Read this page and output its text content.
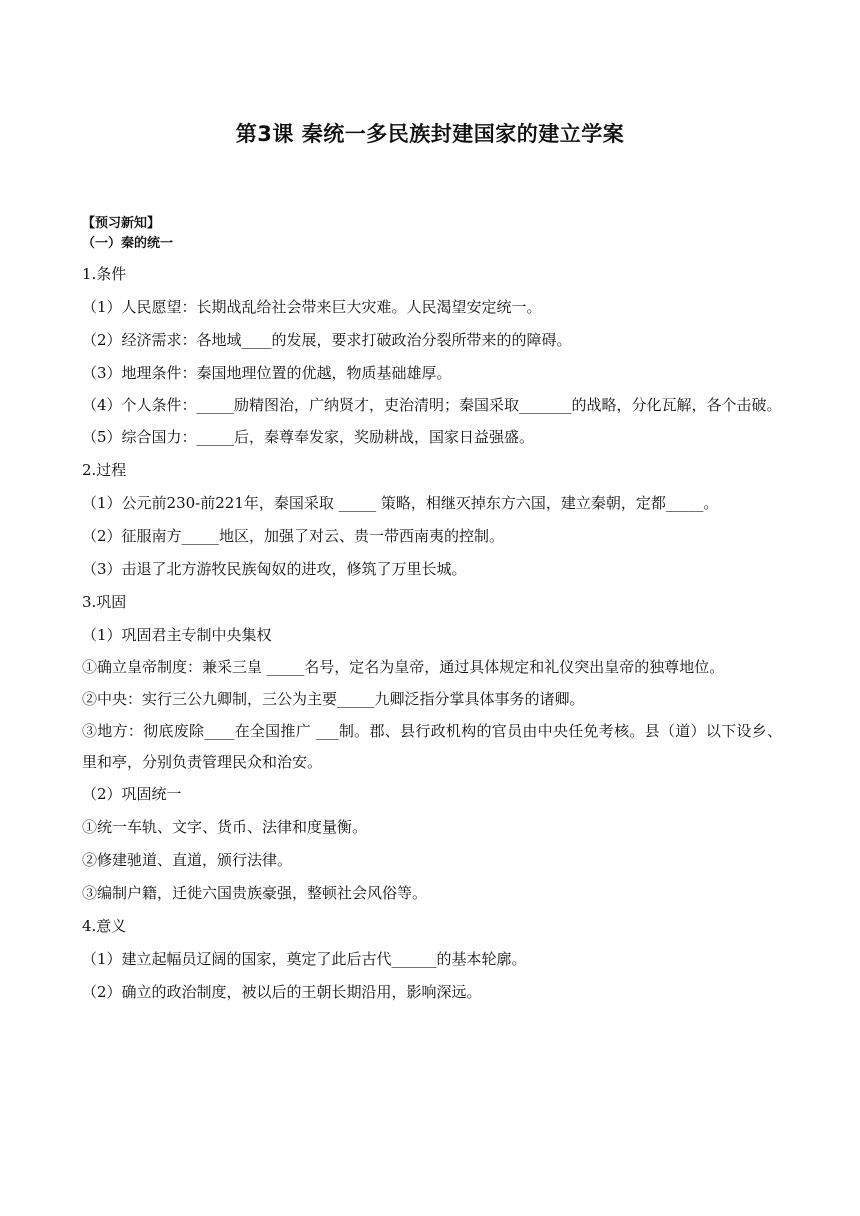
第3课 秦统一多民族封建国家的建立学案
【预习新知】
（一）秦的统一
1.条件
（1）人民愿望：长期战乱给社会带来巨大灾难。人民渴望安定统一。
（2）经济需求：各地域____的发展，要求打破政治分裂所带来的的障碍。
（3）地理条件：秦国地理位置的优越，物质基础雄厚。
（4）个人条件：_____励精图治，广纳贤才，吏治清明；秦国采取_______的战略，分化瓦解，各个击破。
（5）综合国力：_____后，秦尊奉发家，奖励耕战，国家日益强盛。
2.过程
（1）公元前230-前221年，秦国采取 _____ 策略，相继灭掉东方六国，建立秦朝，定都_____。
（2）征服南方_____地区，加强了对云、贵一带西南夷的控制。
（3）击退了北方游牧民族匈奴的进攻，修筑了万里长城。
3.巩固
（1）巩固君主专制中央集权
①确立皇帝制度：兼采三皇 _____名号，定名为皇帝，通过具体规定和礼仪突出皇帝的独尊地位。
②中央：实行三公九卿制，三公为主要_____九卿泛指分掌具体事务的诸卿。
③地方：彻底废除____在全国推广 ___制。郡、县行政机构的官员由中央任免考核。县（道）以下设乡、里和亭，分别负责管理民众和治安。
（2）巩固统一
①统一车轨、文字、货币、法律和度量衡。
②修建驰道、直道，颁行法律。
③编制户籍，迁徙六国贵族豪强，整顿社会风俗等。
4.意义
（1）建立起幅员辽阔的国家，奠定了此后古代______的基本轮廓。
（2）确立的政治制度，被以后的王朝长期沿用，影响深远。
